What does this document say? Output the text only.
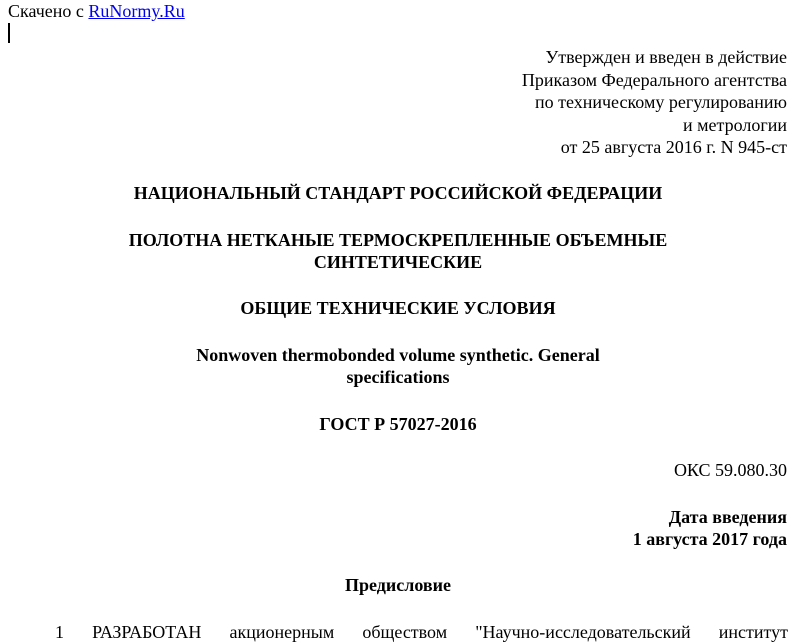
Скачено с RuNormy.Ru
Утвержден и введен в действие
Приказом Федерального агентства
по техническому регулированию
и метрологии
от 25 августа 2016 г. N 945-ст
НАЦИОНАЛЬНЫЙ СТАНДАРТ РОССИЙСКОЙ ФЕДЕРАЦИИ
ПОЛОТНА НЕТКАНЫЕ ТЕРМОСКРЕПЛЕННЫЕ ОБЪЕМНЫЕ
СИНТЕТИЧЕСКИЕ
ОБЩИЕ ТЕХНИЧЕСКИЕ УСЛОВИЯ
Nonwoven thermobonded volume synthetic. General
specifications
ГОСТ Р 57027-2016
ОКС 59.080.30
Дата введения
1 августа 2017 года
Предисловие
1 РАЗРАБОТАН акционерным обществом "Научно-исследовательский институт
